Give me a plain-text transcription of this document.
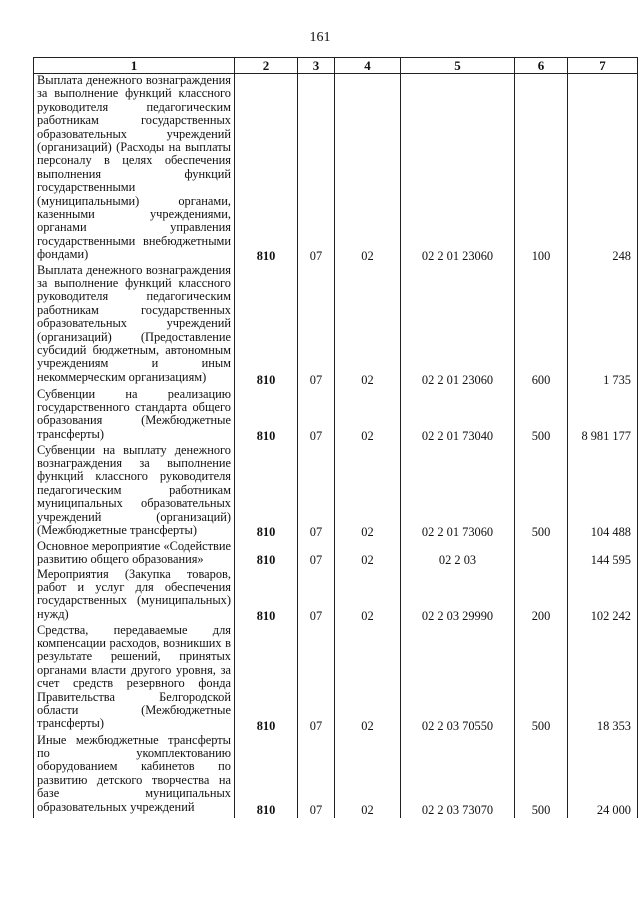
161
1	2	3	4	5	6	7
Выплата денежного вознаграждения за выполнение функций классного руководителя педагогическим работникам государственных образовательных учреждений (организаций) (Расходы на выплаты персоналу в целях обеспечения выполнения функций государственными (муниципальными) органами, казенными учреждениями, органами управления государственными внебюджетными фондами)	810	07	02	02 2 01 23060	100	248
Выплата денежного вознаграждения за выполнение функций классного руководителя педагогическим работникам государственных образовательных учреждений (организаций) (Предоставление субсидий бюджетным, автономным учреждениям и иным некоммерческим организациям)	810	07	02	02 2 01 23060	600	1 735
Субвенции на реализацию государственного стандарта общего образования (Межбюджетные трансферты)	810	07	02	02 2 01 73040	500	8 981 177
Субвенции на выплату денежного вознаграждения за выполнение функций классного руководителя педагогическим работникам муниципальных образовательных учреждений (организаций) (Межбюджетные трансферты)	810	07	02	02 2 01 73060	500	104 488
Основное мероприятие «Содействие развитию общего образования»	810	07	02	02 2 03		144 595
Мероприятия (Закупка товаров, работ и услуг для обеспечения государственных (муниципальных) нужд)	810	07	02	02 2 03 29990	200	102 242
Средства, передаваемые для компенсации расходов, возникших в результате решений, принятых органами власти другого уровня, за счет средств резервного фонда Правительства Белгородской области (Межбюджетные трансферты)	810	07	02	02 2 03 70550	500	18 353
Иные межбюджетные трансферты по укомплектованию оборудованием кабинетов по развитию детского творчества на базе муниципальных образовательных учреждений	810	07	02	02 2 03 73070	500	24 000
